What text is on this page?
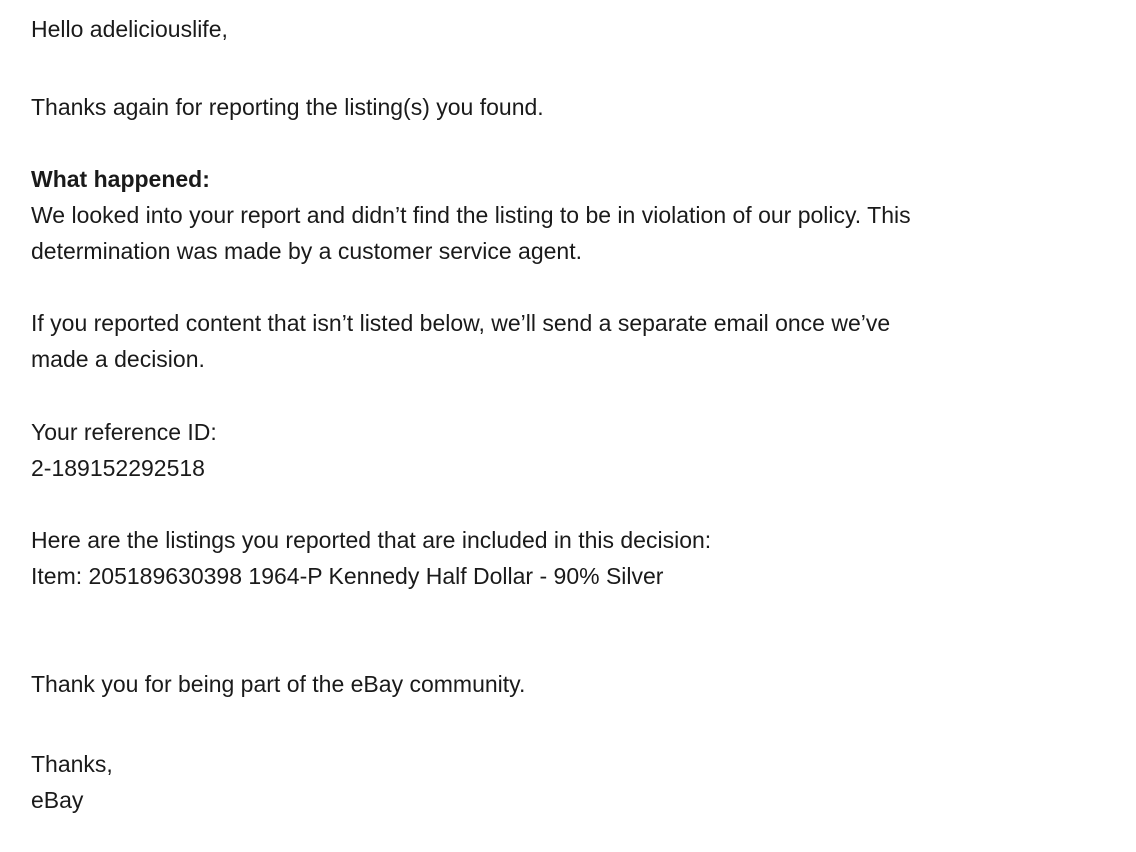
Hello adeliciouslife,
Thanks again for reporting the listing(s) you found.
What happened:
We looked into your report and didn’t find the listing to be in violation of our policy. This
determination was made by a customer service agent.
If you reported content that isn’t listed below, we’ll send a separate email once we’ve
made a decision.
Your reference ID:
2-189152292518
Here are the listings you reported that are included in this decision:
Item: 205189630398 1964-P Kennedy Half Dollar - 90% Silver
Thank you for being part of the eBay community.
Thanks,
eBay
